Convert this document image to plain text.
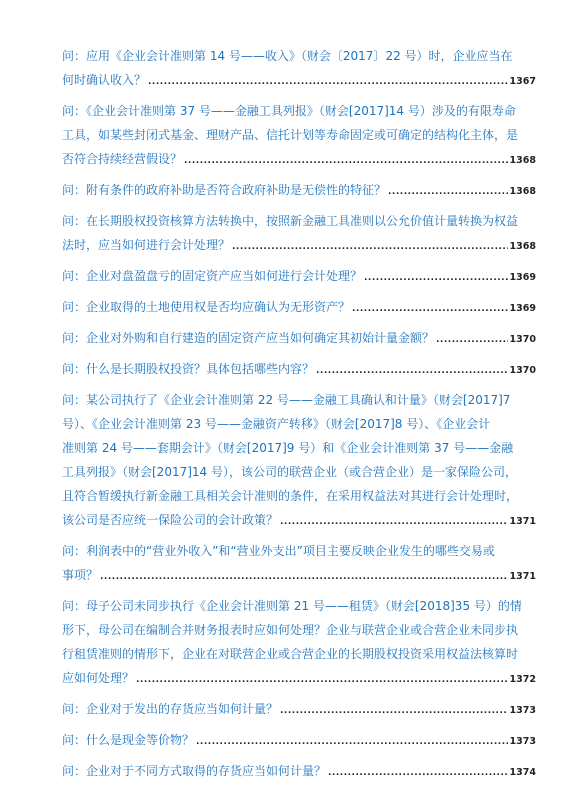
问：应用《企业会计准则第 14 号——收入》（财会〔2017〕22 号）时，企业应当在
何时确认收入？ .....	1367
问：《企业会计准则第 37 号——金融工具列报》（财会[2017]14 号）涉及的有限寿命
工具，如某些封闭式基金、理财产品、信托计划等寿命固定或可确定的结构化主体，是
否符合持续经营假设？ .....	1368
问：附有条件的政府补助是否符合政府补助是无偿性的特征？ .....	1368
问：在长期股权投资核算方法转换中，按照新金融工具准则以公允价值计量转换为权益
法时，应当如何进行会计处理？ .....	1368
问：企业对盘盈盘亏的固定资产应当如何进行会计处理？ .....	1369
问：企业取得的土地使用权是否均应确认为无形资产？ .....	1369
问：企业对外购和自行建造的固定资产应当如何确定其初始计量金额？ .....	1370
问：什么是长期股权投资？具体包括哪些内容？ .....	1370
问：某公司执行了《企业会计准则第 22 号——金融工具确认和计量》（财会[2017]7
号）、《企业会计准则第 23 号——金融资产转移》（财会[2017]8 号）、《企业会计
准则第 24 号——套期会计》（财会[2017]9 号）和《企业会计准则第 37 号——金融
工具列报》（财会[2017]14 号），该公司的联营企业（或合营企业）是一家保险公司，
且符合暂缓执行新金融工具相关会计准则的条件，在采用权益法对其进行会计处理时，
该公司是否应统一保险公司的会计政策？ .....	1371
问：利润表中的“营业外收入”和“营业外支出”项目主要反映企业发生的哪些交易或
事项？ .....	1371
问：母子公司未同步执行《企业会计准则第 21 号——租赁》（财会[2018]35 号）的情
形下，母公司在编制合并财务报表时应如何处理？企业与联营企业或合营企业未同步执
行租赁准则的情形下，企业在对联营企业或合营企业的长期股权投资采用权益法核算时
应如何处理？ .....	1372
问：企业对于发出的存货应当如何计量？ .....	1373
问：什么是现金等价物？ .....	1373
问：企业对于不同方式取得的存货应当如何计量？ .....	1374
